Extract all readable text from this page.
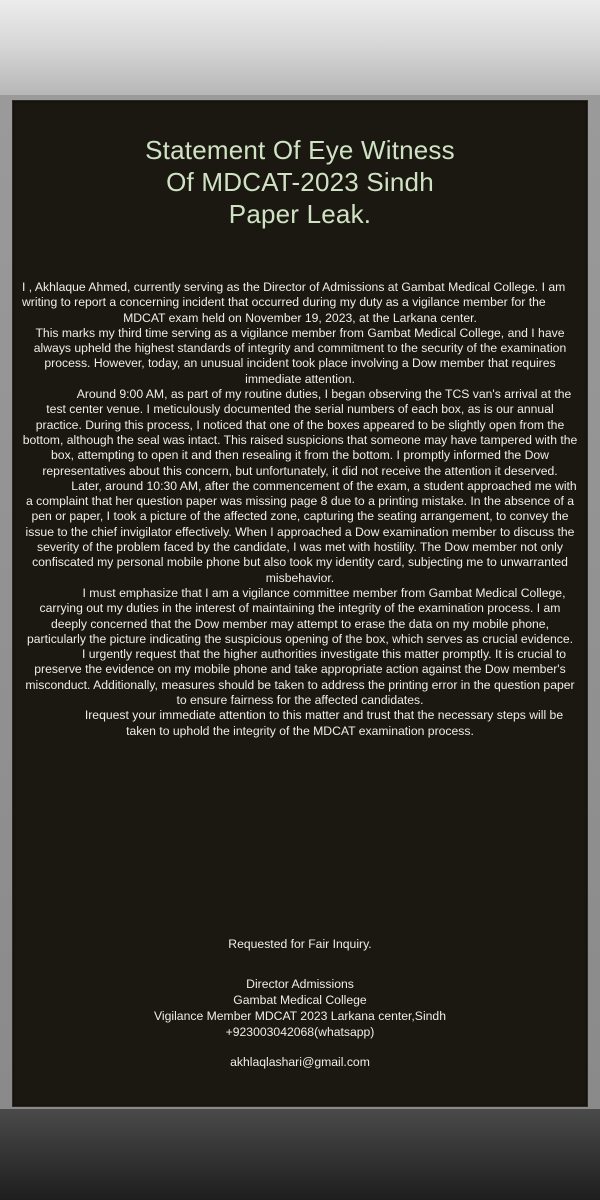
Statement Of Eye Witness
Of MDCAT-2023 Sindh
Paper Leak.

I , Akhlaque Ahmed, currently serving as the Director of Admissions at Gambat Medical College. I am writing to report a concerning incident that occurred during my duty as a vigilance member for the MDCAT exam held on November 19, 2023, at the Larkana center.

This marks my third time serving as a vigilance member from Gambat Medical College, and I have always upheld the highest standards of integrity and commitment to the security of the examination process. However, today, an unusual incident took place involving a Dow member that requires immediate attention.

Around 9:00 AM, as part of my routine duties, I began observing the TCS van's arrival at the test center venue. I meticulously documented the serial numbers of each box, as is our annual practice. During this process, I noticed that one of the boxes appeared to be slightly open from the bottom, although the seal was intact. This raised suspicions that someone may have tampered with the box, attempting to open it and then resealing it from the bottom. I promptly informed the Dow representatives about this concern, but unfortunately, it did not receive the attention it deserved.

Later, around 10:30 AM, after the commencement of the exam, a student approached me with a complaint that her question paper was missing page 8 due to a printing mistake. In the absence of a pen or paper, I took a picture of the affected zone, capturing the seating arrangement, to convey the issue to the chief invigilator effectively. When I approached a Dow examination member to discuss the severity of the problem faced by the candidate, I was met with hostility. The Dow member not only confiscated my personal mobile phone but also took my identity card, subjecting me to unwarranted misbehavior.

I must emphasize that I am a vigilance committee member from Gambat Medical College, carrying out my duties in the interest of maintaining the integrity of the examination process. I am deeply concerned that the Dow member may attempt to erase the data on my mobile phone, particularly the picture indicating the suspicious opening of the box, which serves as crucial evidence.

I urgently request that the higher authorities investigate this matter promptly. It is crucial to preserve the evidence on my mobile phone and take appropriate action against the Dow member's misconduct. Additionally, measures should be taken to address the printing error in the question paper to ensure fairness for the affected candidates.

Irequest your immediate attention to this matter and trust that the necessary steps will be taken to uphold the integrity of the MDCAT examination process.

Requested for Fair Inquiry.
Director Admissions
Gambat Medical College
Vigilance Member MDCAT 2023 Larkana center,Sindh
+923003042068(whatsapp)
akhlaqlashari@gmail.com
